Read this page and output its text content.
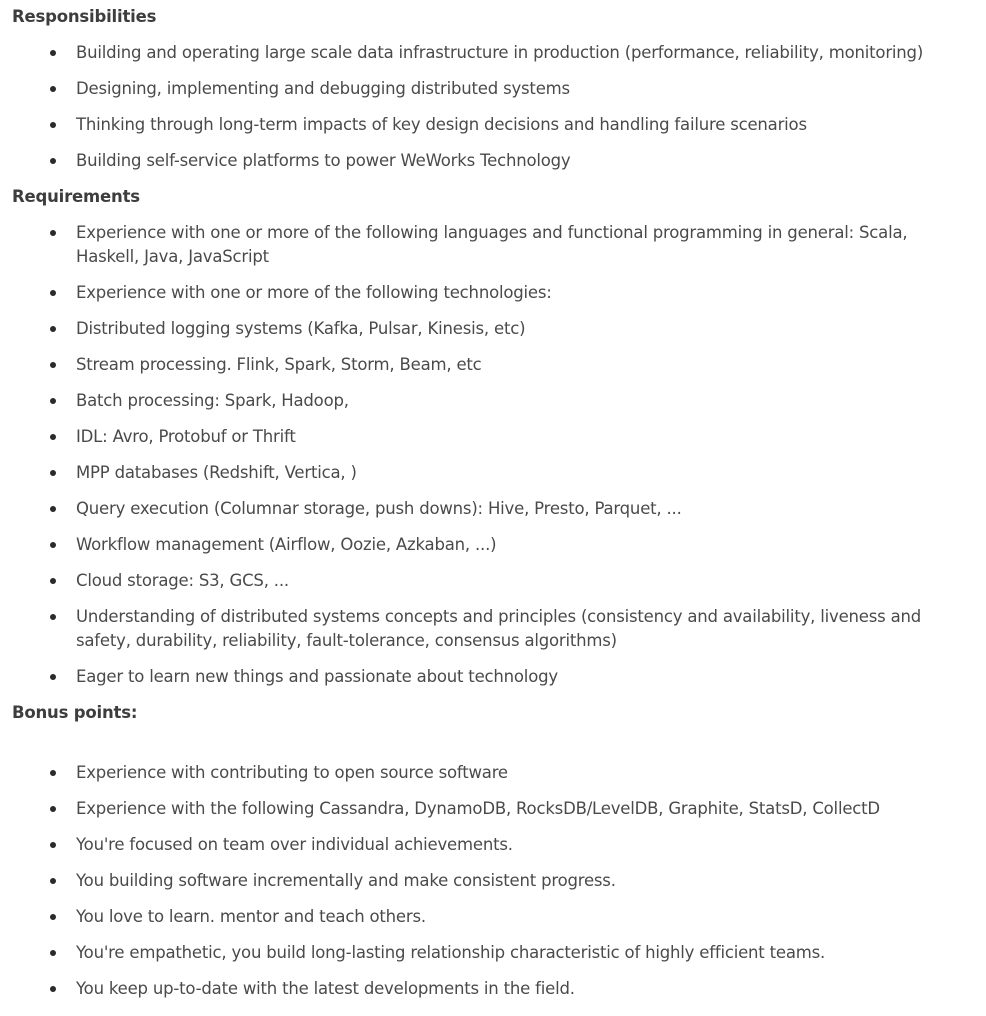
Responsibilities
Building and operating large scale data infrastructure in production (performance, reliability, monitoring)
Designing, implementing and debugging distributed systems
Thinking through long-term impacts of key design decisions and handling failure scenarios
Building self-service platforms to power WeWorks Technology
Requirements
Experience with one or more of the following languages and functional programming in general: Scala, Haskell, Java, JavaScript
Experience with one or more of the following technologies:
Distributed logging systems (Kafka, Pulsar, Kinesis, etc)
Stream processing. Flink, Spark, Storm, Beam, etc
Batch processing: Spark, Hadoop,
IDL: Avro, Protobuf or Thrift
MPP databases (Redshift, Vertica, )
Query execution (Columnar storage, push downs): Hive, Presto, Parquet, ...
Workflow management (Airflow, Oozie, Azkaban, ...)
Cloud storage: S3, GCS, ...
Understanding of distributed systems concepts and principles (consistency and availability, liveness and safety, durability, reliability, fault-tolerance, consensus algorithms)
Eager to learn new things and passionate about technology
Bonus points:
Experience with contributing to open source software
Experience with the following Cassandra, DynamoDB, RocksDB/LevelDB, Graphite, StatsD, CollectD
You're focused on team over individual achievements.
You building software incrementally and make consistent progress.
You love to learn. mentor and teach others.
You're empathetic, you build long-lasting relationship characteristic of highly efficient teams.
You keep up-to-date with the latest developments in the field.
